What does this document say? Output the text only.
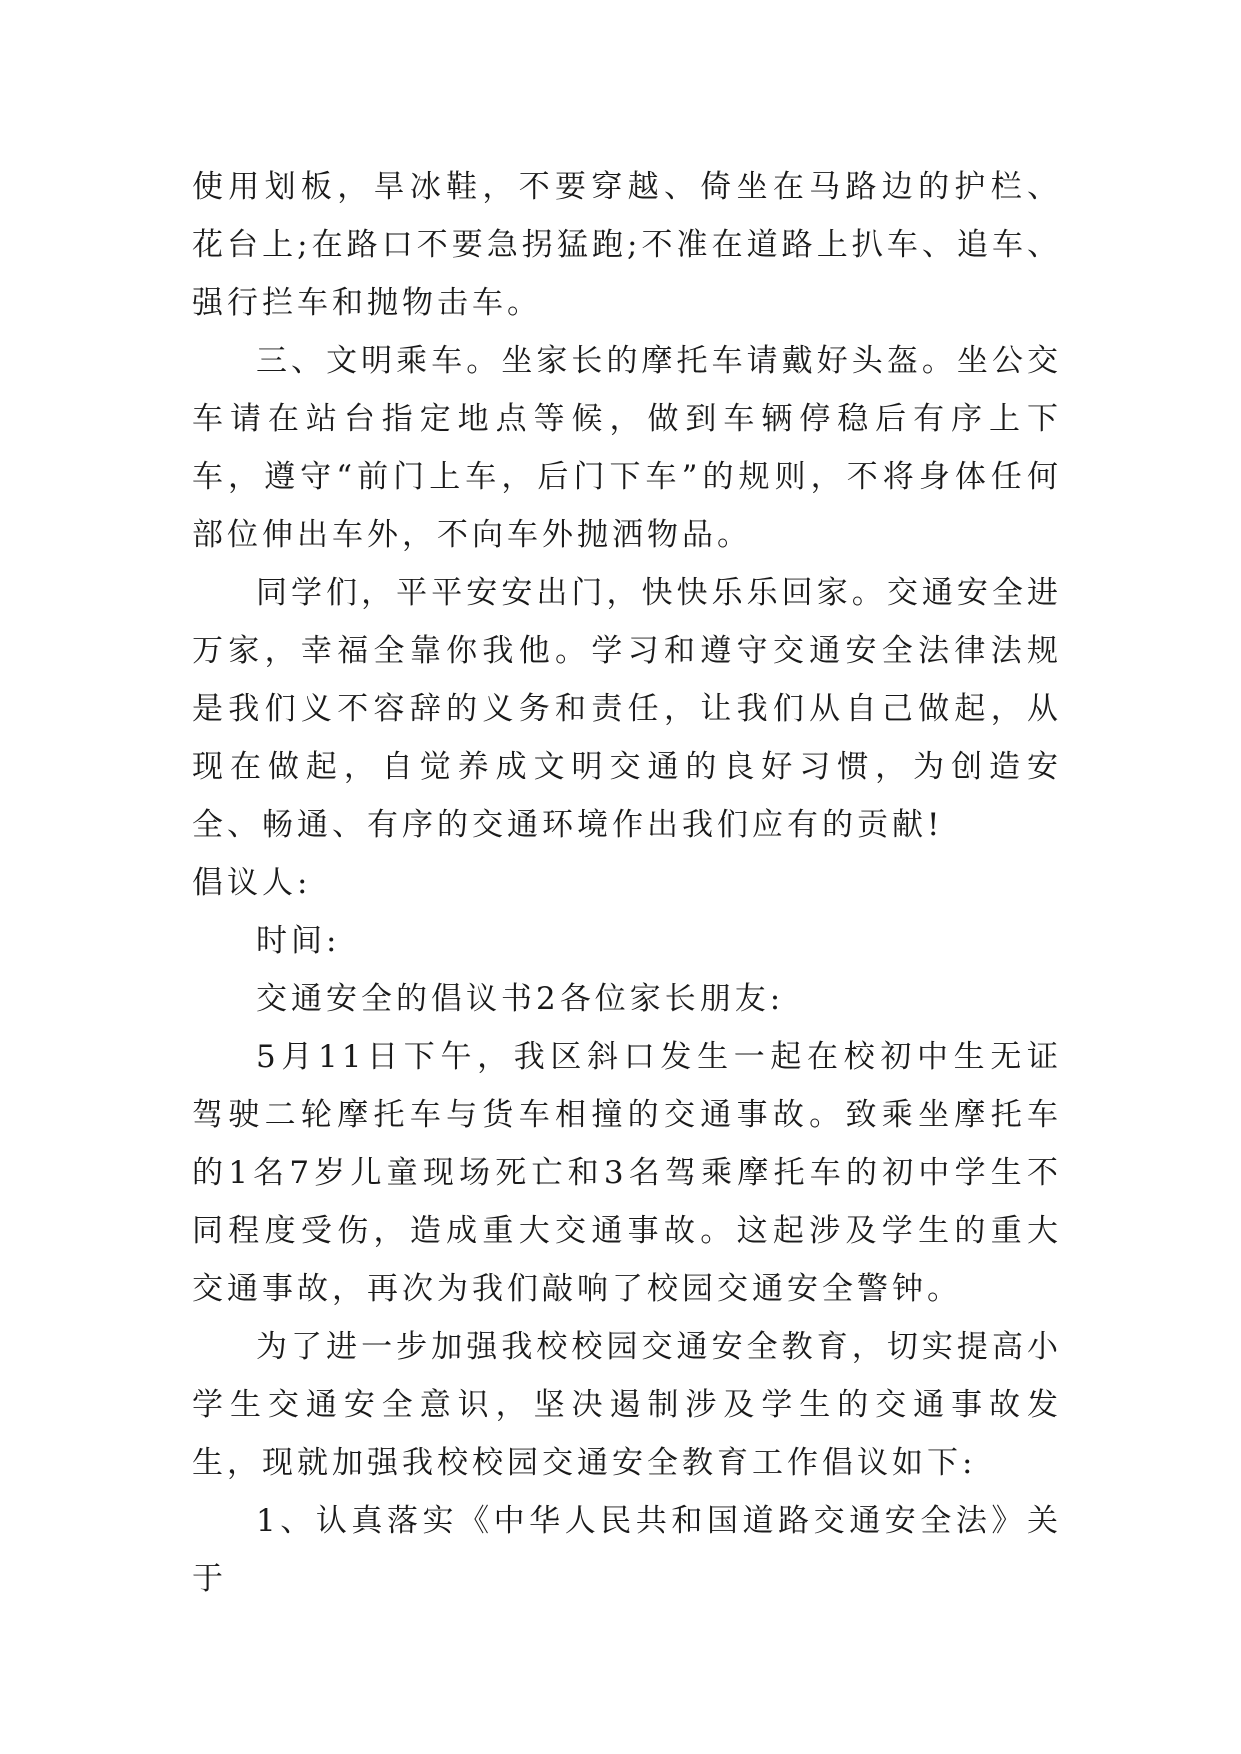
使用划板，旱冰鞋，不要穿越、倚坐在马路边的护栏、花台上;在路口不要急拐猛跑;不准在道路上扒车、追车、强行拦车和抛物击车。

三、文明乘车。坐家长的摩托车请戴好头盔。坐公交车请在站台指定地点等候，做到车辆停稳后有序上下车，遵守“前门上车，后门下车”的规则，不将身体任何部位伸出车外，不向车外抛洒物品。

同学们，平平安安出门，快快乐乐回家。交通安全进万家，幸福全靠你我他。学习和遵守交通安全法律法规是我们义不容辞的义务和责任，让我们从自己做起，从现在做起，自觉养成文明交通的良好习惯，为创造安全、畅通、有序的交通环境作出我们应有的贡献!

倡议人:

时间:

交通安全的倡议书2各位家长朋友:

5月11日下午，我区斜口发生一起在校初中生无证驾驶二轮摩托车与货车相撞的交通事故。致乘坐摩托车的1名7岁儿童现场死亡和3名驾乘摩托车的初中学生不同程度受伤，造成重大交通事故。这起涉及学生的重大交通事故，再次为我们敲响了校园交通安全警钟。

为了进一步加强我校校园交通安全教育，切实提高小学生交通安全意识，坚决遏制涉及学生的交通事故发生，现就加强我校校园交通安全教育工作倡议如下:

1、认真落实《中华人民共和国道路交通安全法》关于
